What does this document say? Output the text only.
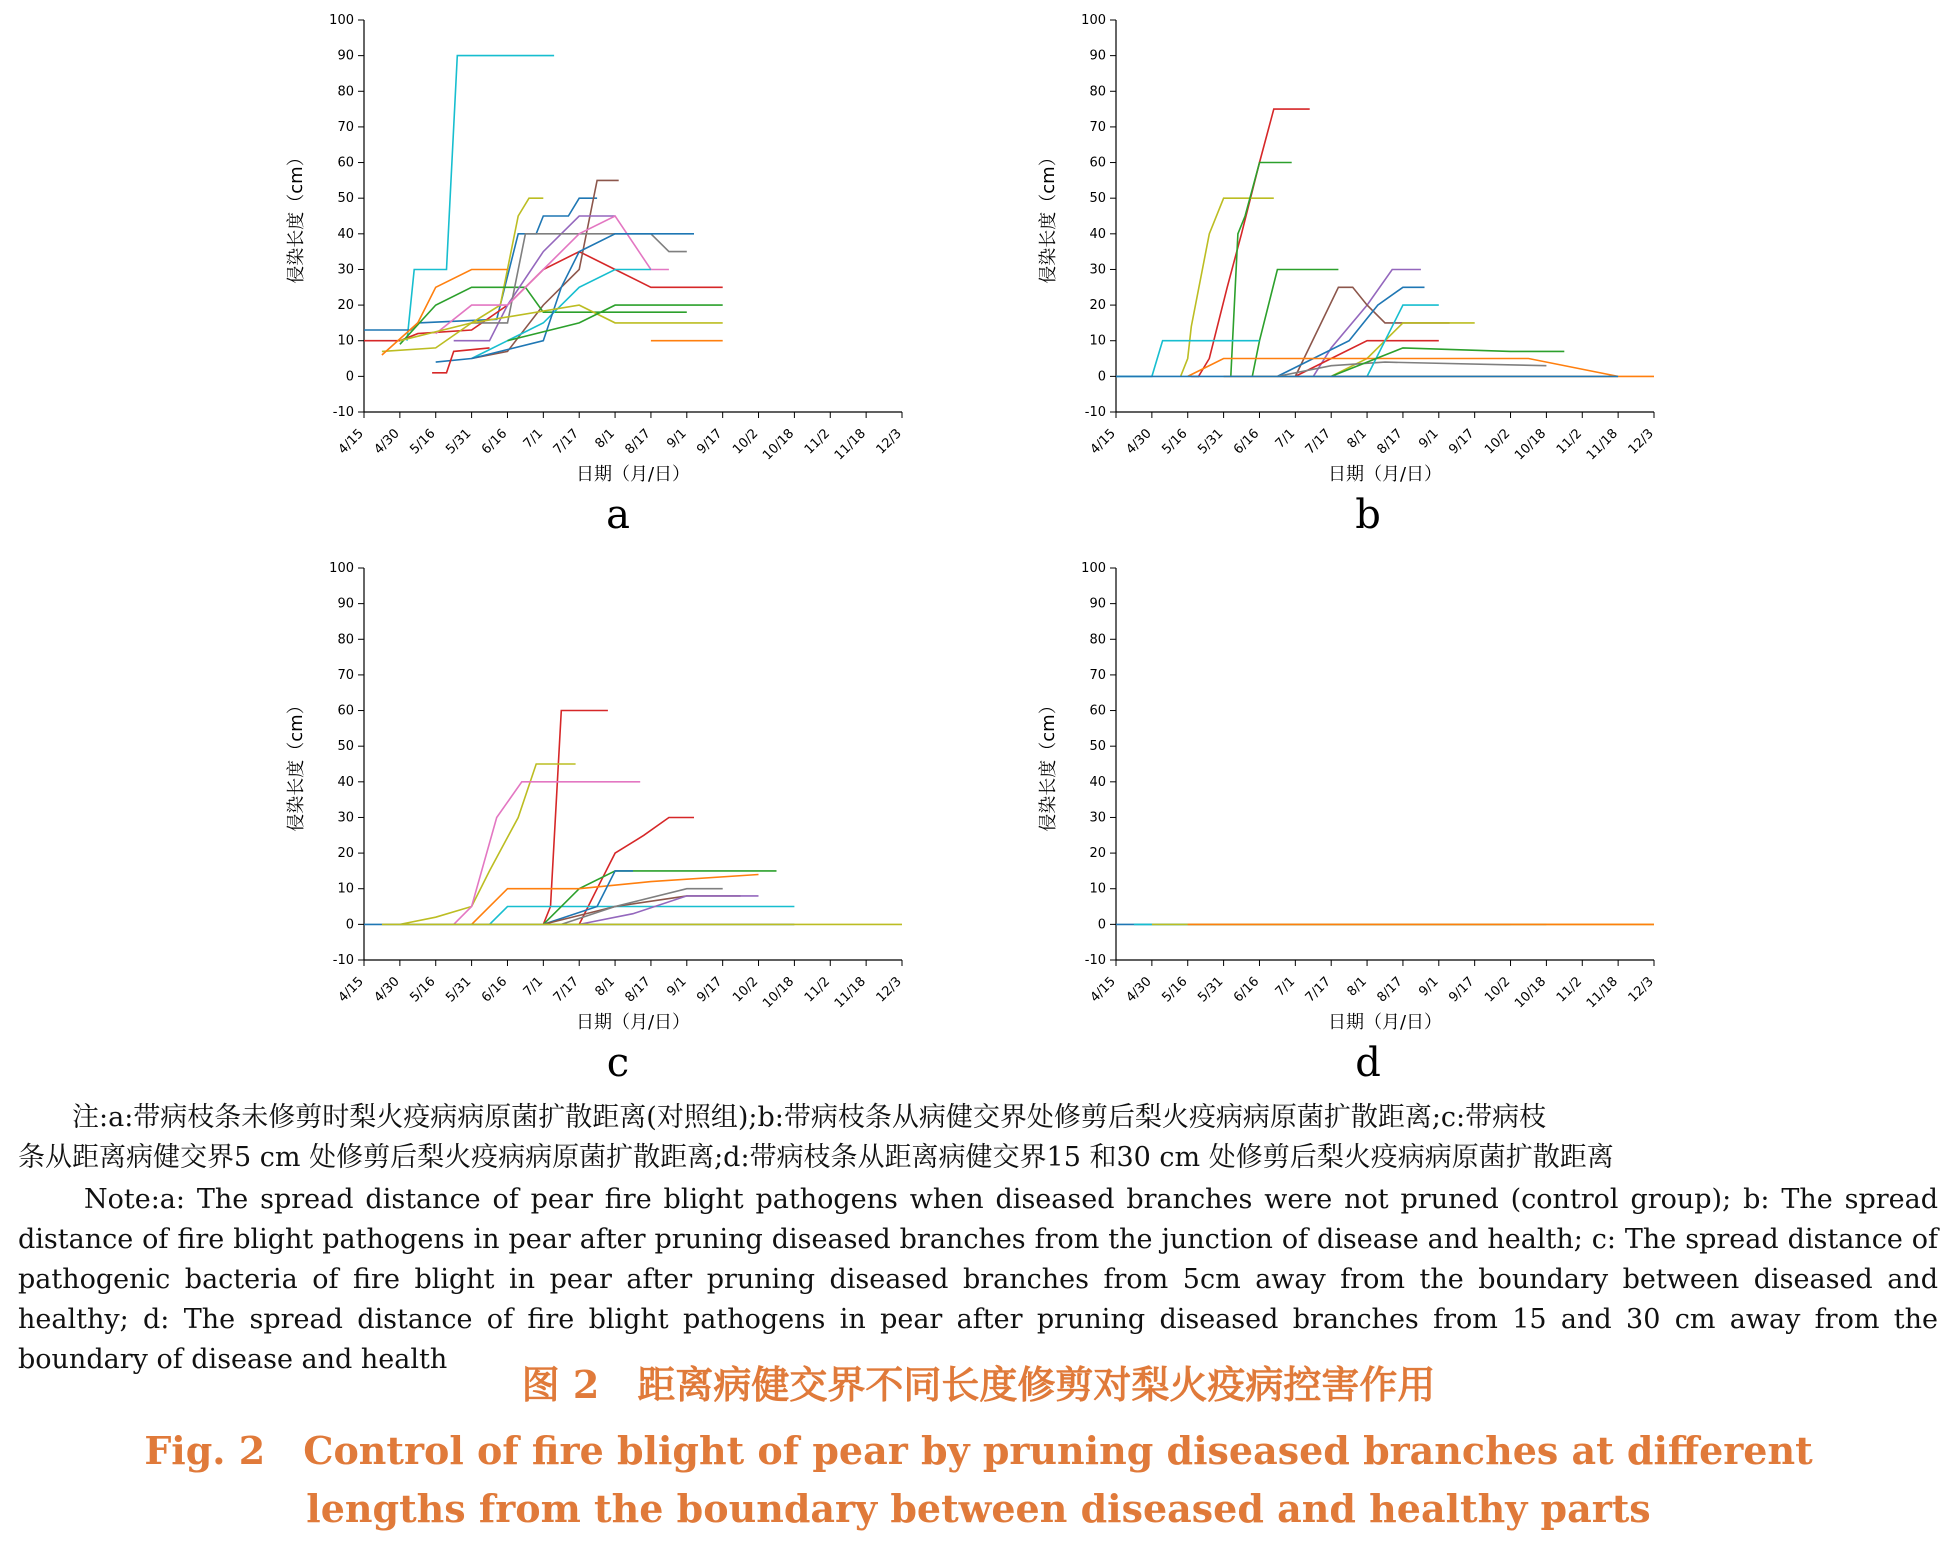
-10
0
10
20
30
40
50
60
70
80
90
100
4/15 4/30 5/16 5/31 6/16 7/1 7/17 8/1 8/17 9/1 9/17 10/2
10/18 11/2
11/18 12/3
日期（月/日）
侵染长度（cm）
a
-10
0
10
20
30
40
50
60
70
80
90
100
4/15 4/30 5/16 5/31 6/16 7/1 7/17 8/1 8/17 9/1 9/17 10/2
10/18 11/2
11/18 12/3
日期（月/日）
侵染长度（cm）
b
-10
0
10
20
30
40
50
60
70
80
90
100
4/15 4/30 5/16 5/31 6/16 7/1 7/17 8/1 8/17 9/1 9/17 10/2
10/18 11/2
11/18 12/3
日期（月/日）
侵染长度（cm）
c
-10
0
10
20
30
40
50
60
70
80
90
100
4/15 4/30 5/16 5/31 6/16 7/1 7/17 8/1 8/17 9/1 9/17 10/2
10/18 11/2
11/18 12/3
日期（月/日）
侵染长度（cm）
d
注:a:带病枝条未修剪时梨火疫病病原菌扩散距离(对照组);b:带病枝条从病健交界处修剪后梨火疫病病原菌扩散距离;c:带病枝
条从距离病健交界5 cm 处修剪后梨火疫病病原菌扩散距离;d:带病枝条从距离病健交界15 和30 cm 处修剪后梨火疫病病原菌扩散距离
Note:a: The spread distance of pear fire blight pathogens when diseased branches were not pruned (control group); b: The spread distance of fire blight pathogens in pear after pruning diseased branches from the junction of disease and health; c: The spread distance of pathogenic bacteria of fire blight in pear after pruning diseased branches from 5cm away from the boundary between diseased and healthy; d: The spread distance of fire blight pathogens in pear after pruning diseased branches from 15 and 30 cm away from the boundary of disease and health
图 2　距离病健交界不同长度修剪对梨火疫病控害作用
Fig. 2　Control of fire blight of pear by pruning diseased branches at different
lengths from the boundary between diseased and healthy parts
